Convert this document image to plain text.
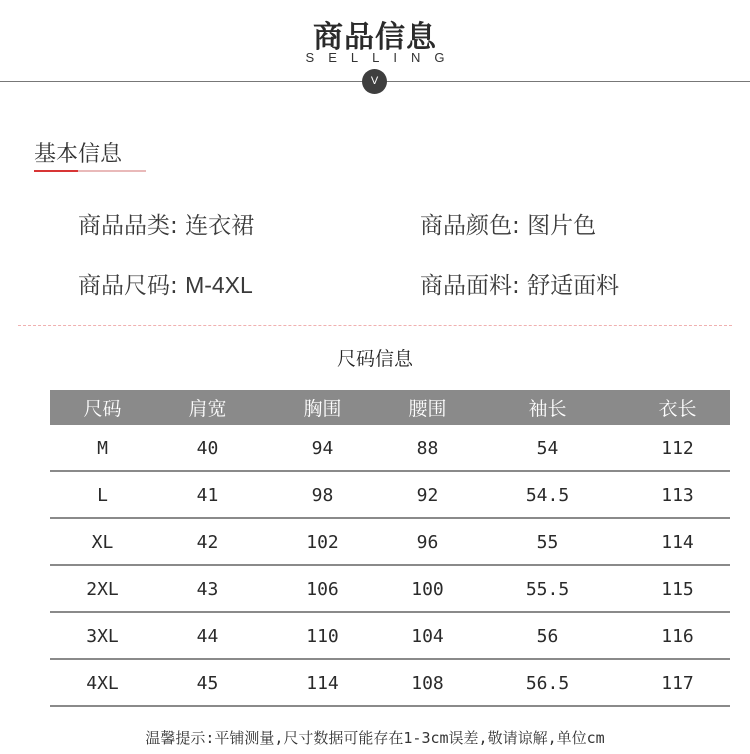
商品信息
SELLING
V
基本信息
商品品类: 连衣裙	商品颜色: 图片色
商品尺码: M-4XL	商品面料: 舒适面料
尺码信息
尺码	肩宽	胸围	腰围	袖长	衣长
M	40	94	88	54	112
L	41	98	92	54.5	113
XL	42	102	96	55	114
2XL	43	106	100	55.5	115
3XL	44	110	104	56	116
4XL	45	114	108	56.5	117
温馨提示:平铺测量,尺寸数据可能存在1-3cm误差,敬请谅解,单位cm
